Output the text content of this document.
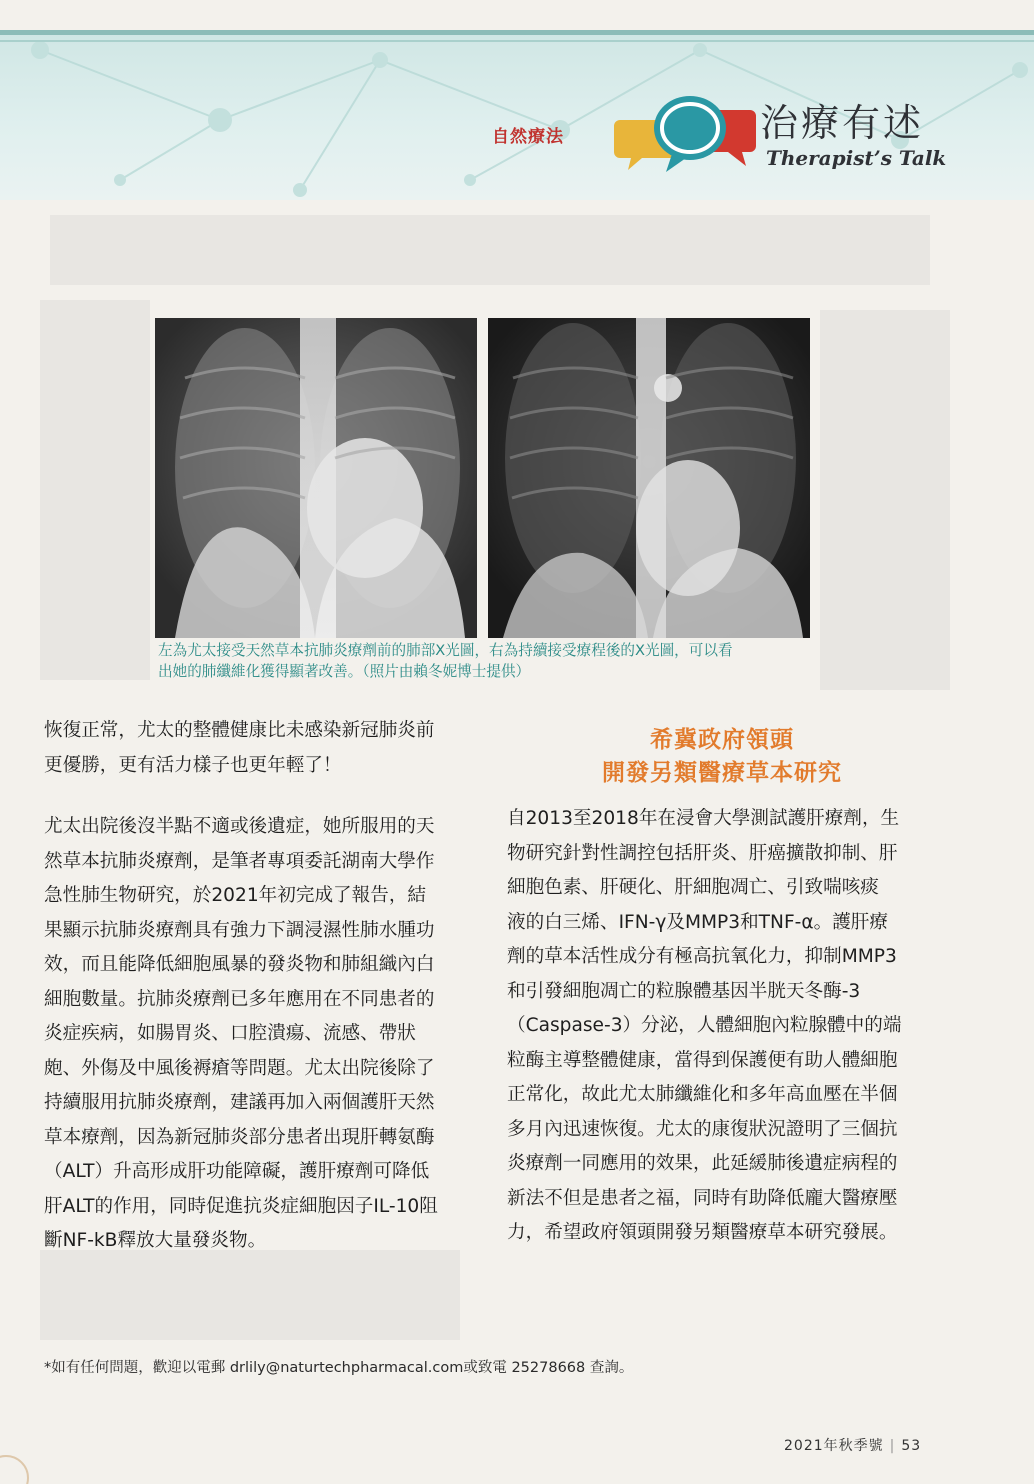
自然療法	治療有述
Therapist’s Talk
左為尤太接受天然草本抗肺炎療劑前的肺部X光圖，右為持續接受療程後的X光圖，可以看
出她的肺纖維化獲得顯著改善。（照片由賴冬妮博士提供）
恢復正常，尤太的整體健康比未感染新冠肺炎前
更優勝，更有活力樣子也更年輕了！
尤太出院後沒半點不適或後遺症，她所服用的天
然草本抗肺炎療劑，是筆者專項委託湖南大學作
急性肺生物研究，於2021年初完成了報告，結
果顯示抗肺炎療劑具有強力下調浸濕性肺水腫功
效，而且能降低細胞風暴的發炎物和肺組織內白
細胞數量。抗肺炎療劑已多年應用在不同患者的
炎症疾病，如腸胃炎、口腔潰瘍、流感、帶狀
皰、外傷及中風後褥瘡等問題。尤太出院後除了
持續服用抗肺炎療劑，建議再加入兩個護肝天然
草本療劑，因為新冠肺炎部分患者出現肝轉氨酶
（ALT）升高形成肝功能障礙，護肝療劑可降低
肝ALT的作用，同時促進抗炎症細胞因子IL-10阻
斷NF-kB釋放大量發炎物。
希冀政府領頭
開發另類醫療草本研究
自2013至2018年在浸會大學測試護肝療劑，生
物研究針對性調控包括肝炎、肝癌擴散抑制、肝
細胞色素、肝硬化、肝細胞凋亡、引致喘咳痰
液的白三烯、IFN-γ及MMP3和TNF-α。護肝療
劑的草本活性成分有極高抗氧化力，抑制MMP3
和引發細胞凋亡的粒腺體基因半胱天冬酶-3
（Caspase-3）分泌，人體細胞內粒腺體中的端
粒酶主導整體健康，當得到保護便有助人體細胞
正常化，故此尤太肺纖維化和多年高血壓在半個
多月內迅速恢復。尤太的康復狀況證明了三個抗
炎療劑一同應用的效果，此延緩肺後遺症病程的
新法不但是患者之福，同時有助降低龐大醫療壓
力，希望政府領頭開發另類醫療草本研究發展。
*如有任何問題，歡迎以電郵 drlily@naturtechpharmacal.com或致電 25278668 查詢。
2021年秋季號 | 53
